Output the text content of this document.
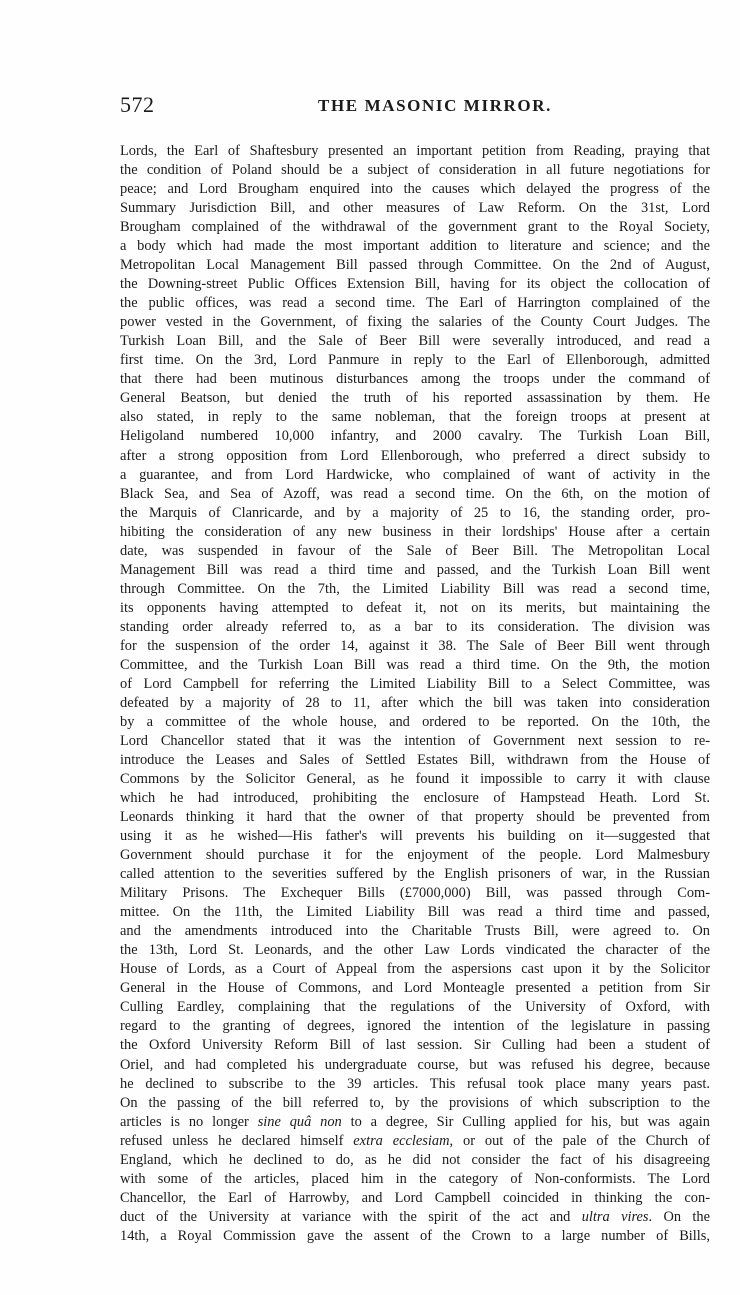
572	THE MASONIC MIRROR.
Lords, the Earl of Shaftesbury presented an important petition from Reading, praying that
the condition of Poland should be a subject of consideration in all future negotiations for
peace; and Lord Brougham enquired into the causes which delayed the progress of the
Summary Jurisdiction Bill, and other measures of Law Reform. On the 31st, Lord
Brougham complained of the withdrawal of the government grant to the Royal Society,
a body which had made the most important addition to literature and science; and the
Metropolitan Local Management Bill passed through Committee. On the 2nd of August,
the Downing-street Public Offices Extension Bill, having for its object the collocation of
the public offices, was read a second time. The Earl of Harrington complained of the
power vested in the Government, of fixing the salaries of the County Court Judges. The
Turkish Loan Bill, and the Sale of Beer Bill were severally introduced, and read a
first time. On the 3rd, Lord Panmure in reply to the Earl of Ellenborough, admitted
that there had been mutinous disturbances among the troops under the command of
General Beatson, but denied the truth of his reported assassination by them. He
also stated, in reply to the same nobleman, that the foreign troops at present at
Heligoland numbered 10,000 infantry, and 2000 cavalry. The Turkish Loan Bill,
after a strong opposition from Lord Ellenborough, who preferred a direct subsidy to
a guarantee, and from Lord Hardwicke, who complained of want of activity in the
Black Sea, and Sea of Azoff, was read a second time. On the 6th, on the motion of
the Marquis of Clanricarde, and by a majority of 25 to 16, the standing order, pro-
hibiting the consideration of any new business in their lordships' House after a certain
date, was suspended in favour of the Sale of Beer Bill. The Metropolitan Local
Management Bill was read a third time and passed, and the Turkish Loan Bill went
through Committee. On the 7th, the Limited Liability Bill was read a second time,
its opponents having attempted to defeat it, not on its merits, but maintaining the
standing order already referred to, as a bar to its consideration. The division was
for the suspension of the order 14, against it 38. The Sale of Beer Bill went through
Committee, and the Turkish Loan Bill was read a third time. On the 9th, the motion
of Lord Campbell for referring the Limited Liability Bill to a Select Committee, was
defeated by a majority of 28 to 11, after which the bill was taken into consideration
by a committee of the whole house, and ordered to be reported. On the 10th, the
Lord Chancellor stated that it was the intention of Government next session to re-
introduce the Leases and Sales of Settled Estates Bill, withdrawn from the House of
Commons by the Solicitor General, as he found it impossible to carry it with clause
which he had introduced, prohibiting the enclosure of Hampstead Heath. Lord St.
Leonards thinking it hard that the owner of that property should be prevented from
using it as he wished—His father's will prevents his building on it—suggested that
Government should purchase it for the enjoyment of the people. Lord Malmesbury
called attention to the severities suffered by the English prisoners of war, in the Russian
Military Prisons. The Exchequer Bills (£7000,000) Bill, was passed through Com-
mittee. On the 11th, the Limited Liability Bill was read a third time and passed,
and the amendments introduced into the Charitable Trusts Bill, were agreed to. On
the 13th, Lord St. Leonards, and the other Law Lords vindicated the character of the
House of Lords, as a Court of Appeal from the aspersions cast upon it by the Solicitor
General in the House of Commons, and Lord Monteagle presented a petition from Sir
Culling Eardley, complaining that the regulations of the University of Oxford, with
regard to the granting of degrees, ignored the intention of the legislature in passing
the Oxford University Reform Bill of last session. Sir Culling had been a student of
Oriel, and had completed his undergraduate course, but was refused his degree, because
he declined to subscribe to the 39 articles. This refusal took place many years past.
On the passing of the bill referred to, by the provisions of which subscription to the
articles is no longer sine quâ non to a degree, Sir Culling applied for his, but was again
refused unless he declared himself extra ecclesiam, or out of the pale of the Church of
England, which he declined to do, as he did not consider the fact of his disagreeing
with some of the articles, placed him in the category of Non-conformists. The Lord
Chancellor, the Earl of Harrowby, and Lord Campbell coincided in thinking the con-
duct of the University at variance with the spirit of the act and ultra vires. On the
14th, a Royal Commission gave the assent of the Crown to a large number of Bills,
